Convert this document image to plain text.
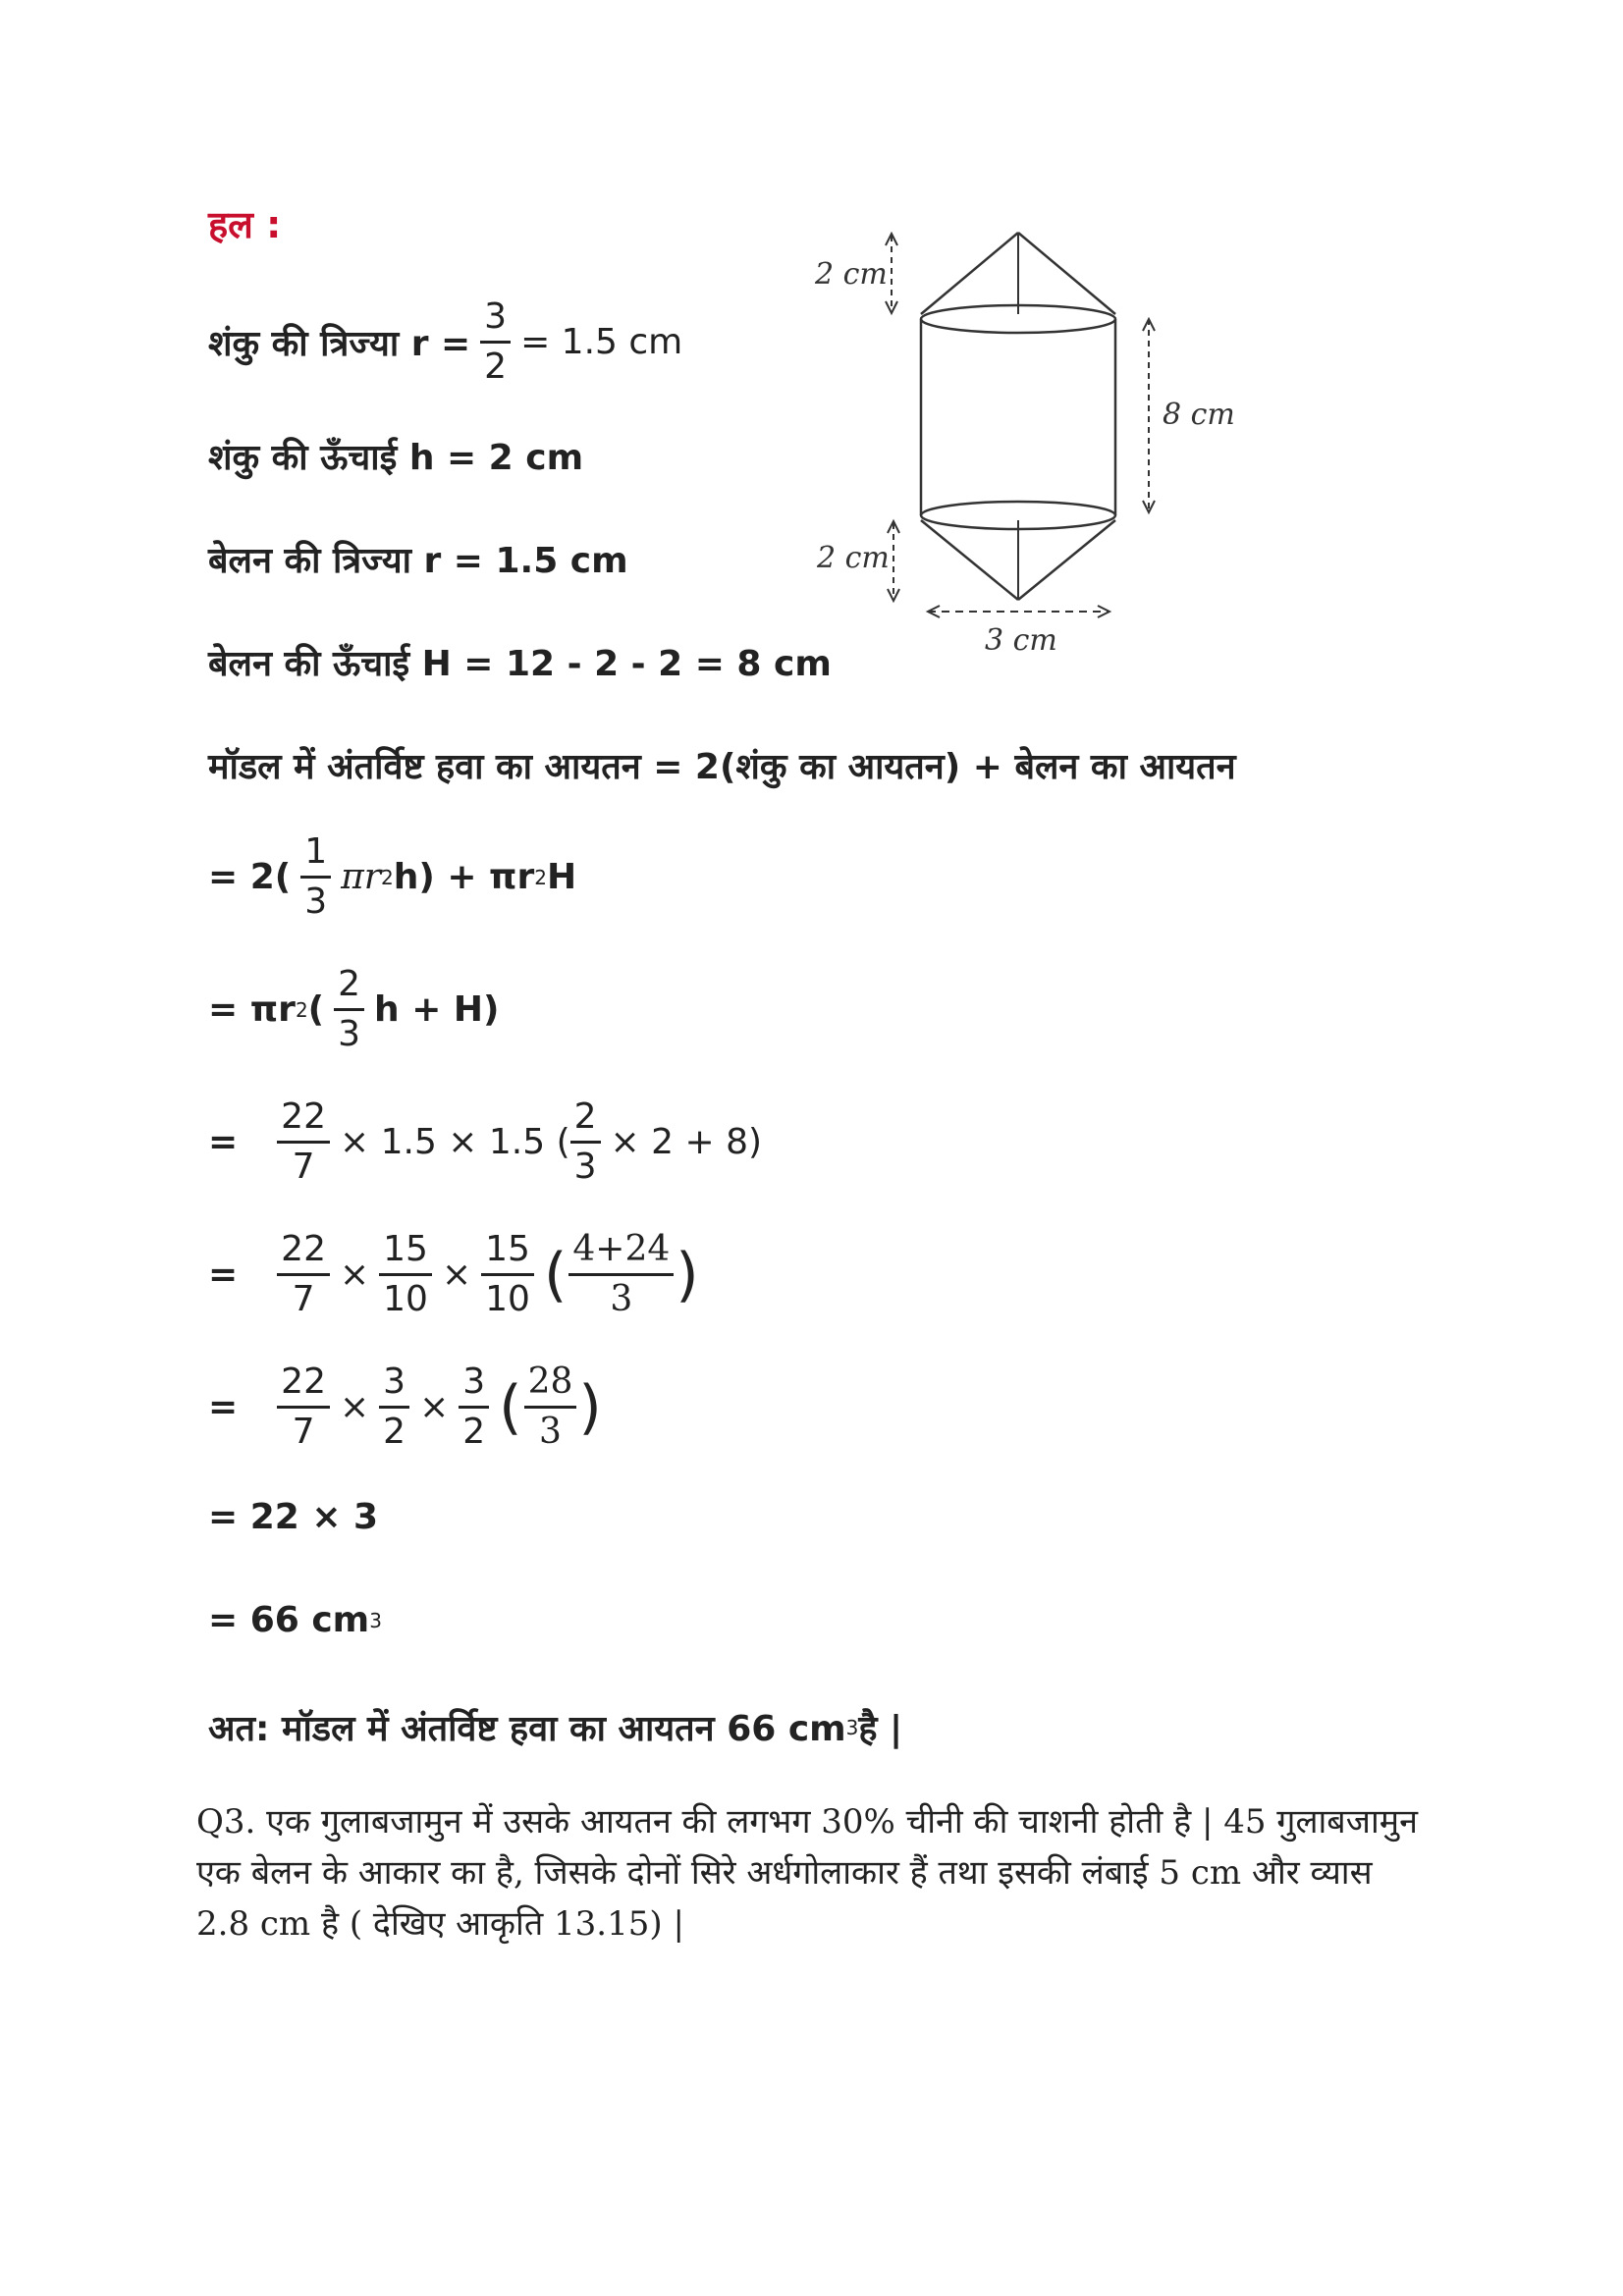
हल :
शंकु की त्रिज्या $r = \frac{3}{2} = 1.5$ cm
शंकु की ऊँचाई h = 2 cm
बेलन की त्रिज्या r = 1.5 cm
बेलन की ऊँचाई H = 12 - 2 - 2 = 8 cm
2 cm
8 cm
2 cm
3 cm
मॉडल में अंतर्विष्ट हवा का आयतन = 2(शंकु का आयतन) + बेलन का आयतन
= $2( \frac{1}{3}$ πr 2 h) + πr 2 H
= πr 2 ( $\frac{2}{3}$ h + H)
= $\frac{22}{7} \times 1.5 \times 1.5$ ( $\frac{2}{3} \times 2 + 8$)
= $\frac{22}{7} \times \frac{15}{10} \times \frac{15}{10}$ ( $\frac{4+24}{3}$ )
= $\frac{22}{7} \times \frac{3}{2} \times \frac{3}{2}$ ( $\frac{28}{3}$ )
= 22 × 3
= 66 cm 3
अत: मॉडल में अंतर्विष्ट हवा का आयतन 66 cm 3 है |
Q3. एक गुलाबजामुन में उसके आयतन की लगभग 30% चीनी की चाशनी होती है | 45 गुलाबजामुन एक बेलन के आकार का है, जिसके दोनों सिरे अर्धगोलाकार हैं तथा इसकी लंबाई 5 cm और व्यास 2.8 cm है ( देखिए आकृति 13.15) |
